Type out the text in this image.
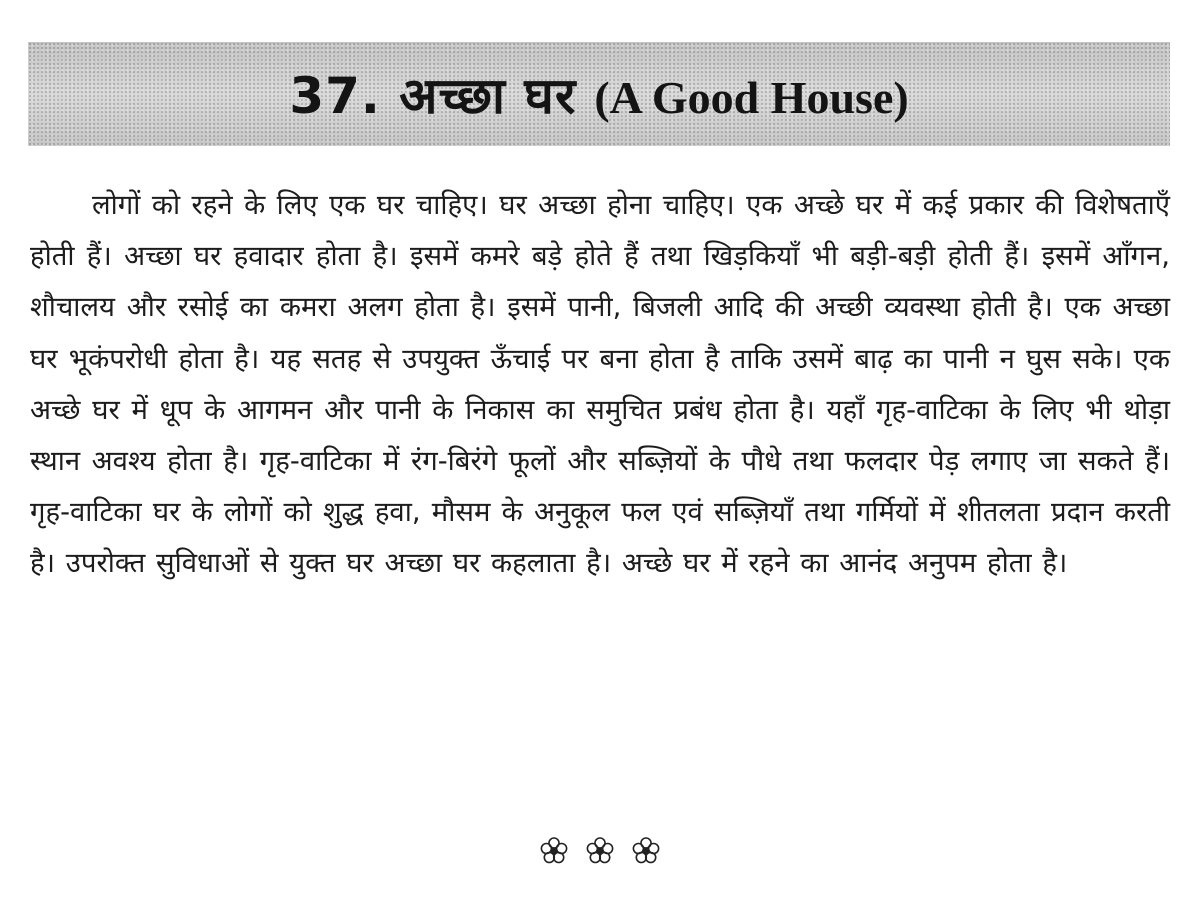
37. अच्छा घर (A Good House)

लोगों को रहने के लिए एक घर चाहिए। घर अच्छा होना चाहिए। एक अच्छे घर में कई प्रकार की विशेषताएँ होती हैं। अच्छा घर हवादार होता है। इसमें कमरे बड़े होते हैं तथा खिड़कियाँ भी बड़ी-बड़ी होती हैं। इसमें आँगन, शौचालय और रसोई का कमरा अलग होता है। इसमें पानी, बिजली आदि की अच्छी व्यवस्था होती है। एक अच्छा घर भूकंपरोधी होता है। यह सतह से उपयुक्त ऊँचाई पर बना होता है ताकि उसमें बाढ़ का पानी न घुस सके। एक अच्छे घर में धूप के आगमन और पानी के निकास का समुचित प्रबंध होता है। यहाँ गृह-वाटिका के लिए भी थोड़ा स्थान अवश्य होता है। गृह-वाटिका में रंग-बिरंगे फूलों और सब्ज़ियों के पौधे तथा फलदार पेड़ लगाए जा सकते हैं। गृह-वाटिका घर के लोगों को शुद्ध हवा, मौसम के अनुकूल फल एवं सब्ज़ियाँ तथा गर्मियों में शीतलता प्रदान करती है। उपरोक्त सुविधाओं से युक्त घर अच्छा घर कहलाता है। अच्छे घर में रहने का आनंद अनुपम होता है।
